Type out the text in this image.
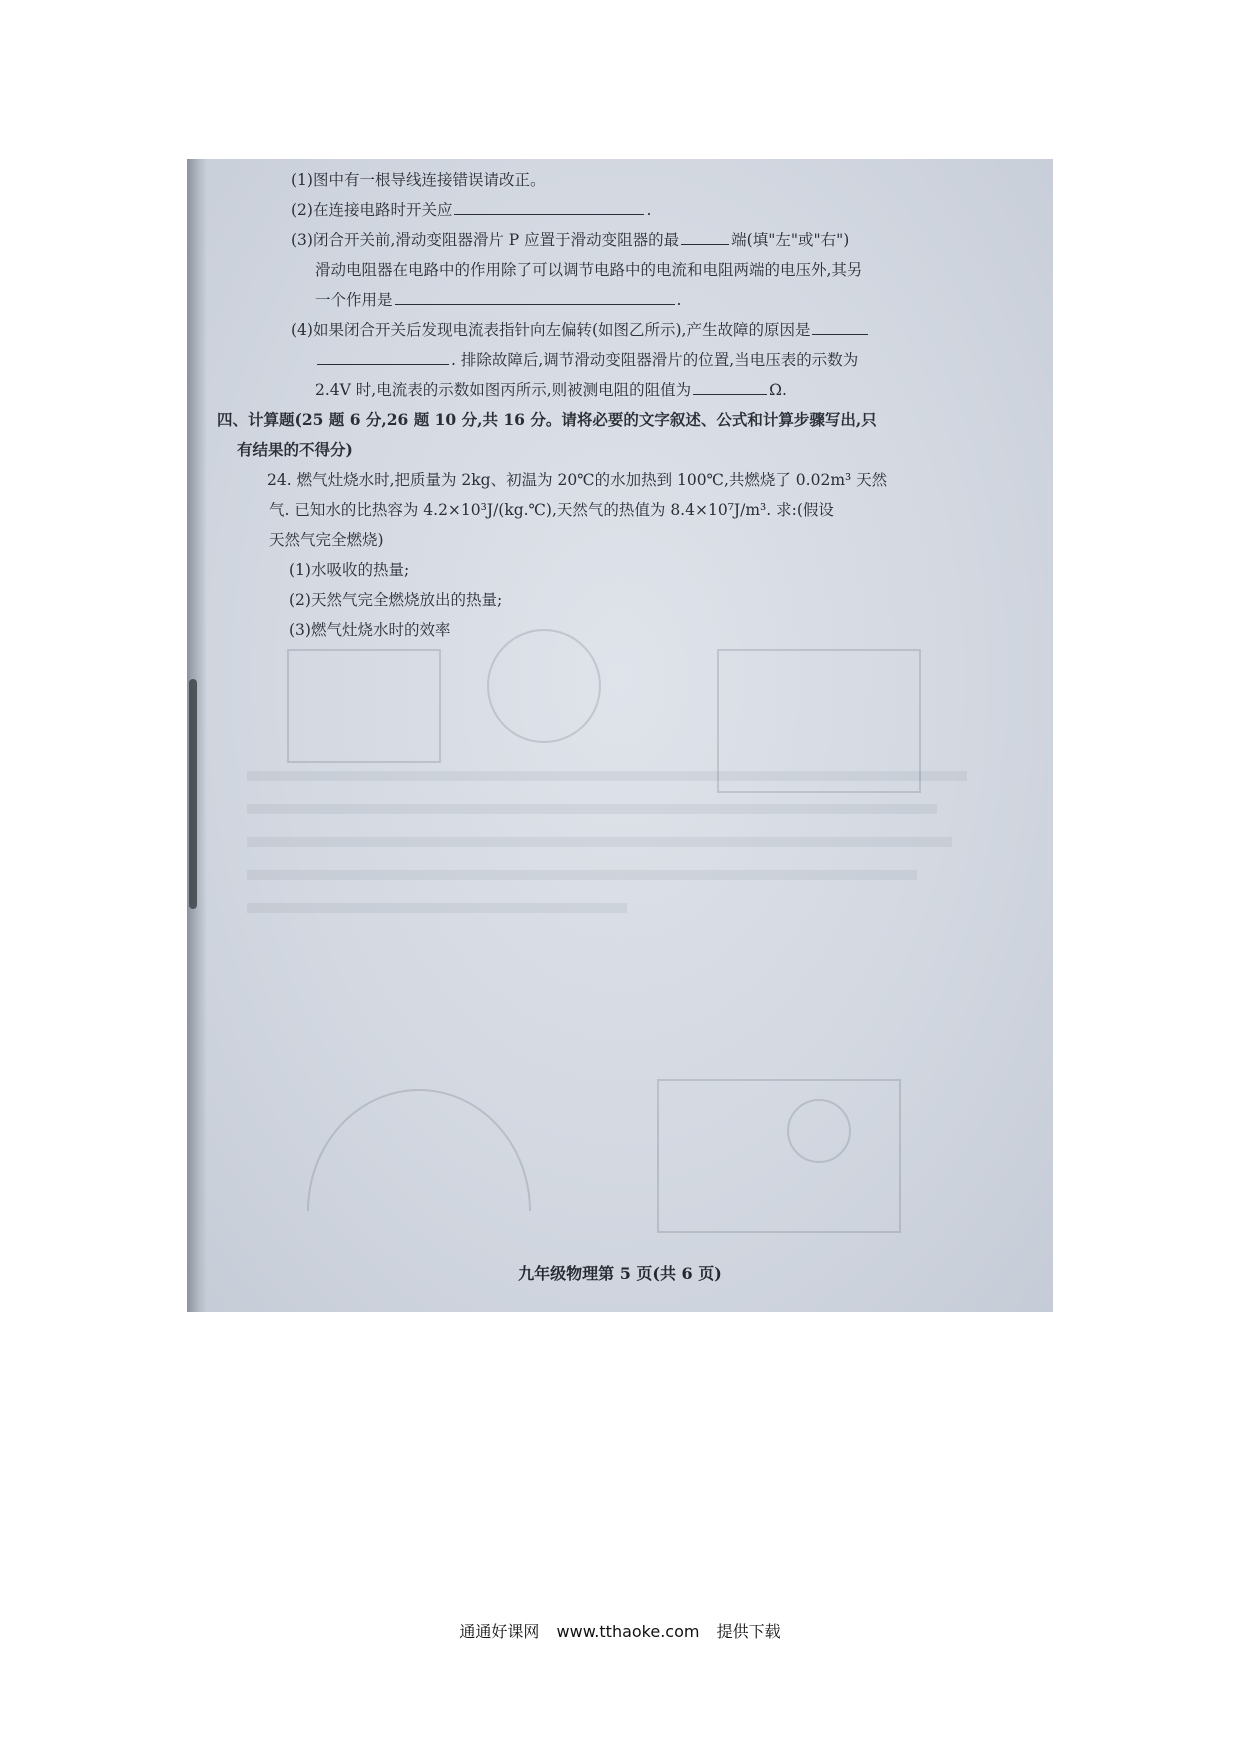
(1)图中有一根导线连接错误请改正。
(2)在连接电路时开关应	.
(3)闭合开关前,滑动变阻器滑片 P 应置于滑动变阻器的最	端(填"左"或"右")
滑动电阻器在电路中的作用除了可以调节电路中的电流和电阻两端的电压外,其另
一个作用是	.
(4)如果闭合开关后发现电流表指针向左偏转(如图乙所示),产生故障的原因是
. 排除故障后,调节滑动变阻器滑片的位置,当电压表的示数为
2.4V 时,电流表的示数如图丙所示,则被测电阻的阻值为	Ω.
四、计算题(25 题 6 分,26 题 10 分,共 16 分。请将必要的文字叙述、公式和计算步骤写出,只
有结果的不得分)
24. 燃气灶烧水时,把质量为 2kg、初温为 20℃的水加热到 100℃,共燃烧了 0.02m³ 天然
气. 已知水的比热容为 4.2×10³J/(kg.℃),天然气的热值为 8.4×10⁷J/m³. 求:(假设
天然气完全燃烧)
(1)水吸收的热量;
(2)天然气完全燃烧放出的热量;
(3)燃气灶烧水时的效率
九年级物理第 5 页(共 6 页)
通通好课网 www.tthaoke.com 提供下载
